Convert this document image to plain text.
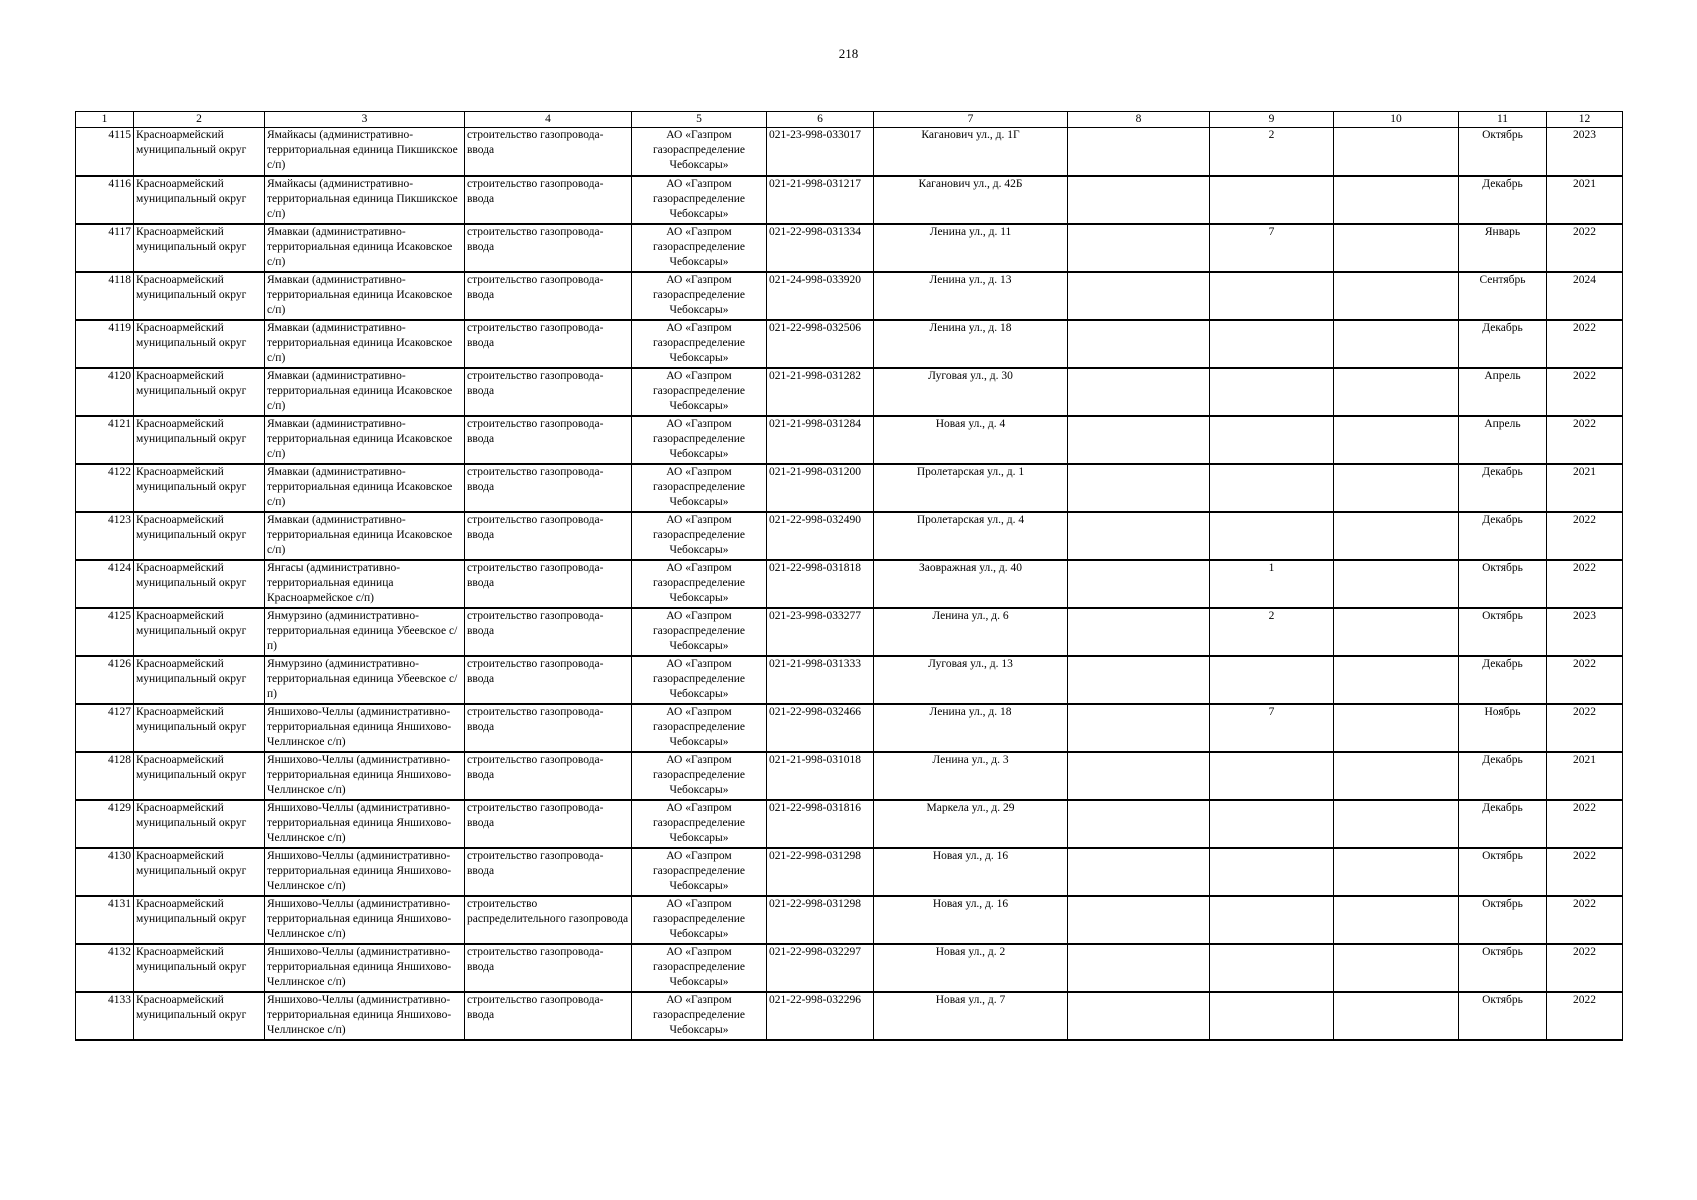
218
1	2	3	4	5	6	7	8	9	10	11	12
4115	Красноармейский муниципальный округ	Ямайкасы (административно-территориальная единица Пикшикское с/п)	строительство газопровода-ввода	АО «Газпром газораспределение Чебоксары»	021-23-998-033017	Каганович ул., д. 1Г		2		Октябрь	2023
4116	Красноармейский муниципальный округ	Ямайкасы (административно-территориальная единица Пикшикское с/п)	строительство газопровода-ввода	АО «Газпром газораспределение Чебоксары»	021-21-998-031217	Каганович ул., д. 42Б				Декабрь	2021
4117	Красноармейский муниципальный округ	Ямавкаи (административно-территориальная единица Исаковское с/п)	строительство газопровода-ввода	АО «Газпром газораспределение Чебоксары»	021-22-998-031334	Ленина ул., д. 11		7		Январь	2022
4118	Красноармейский муниципальный округ	Ямавкаи (административно-территориальная единица Исаковское с/п)	строительство газопровода-ввода	АО «Газпром газораспределение Чебоксары»	021-24-998-033920	Ленина ул., д. 13				Сентябрь	2024
4119	Красноармейский муниципальный округ	Ямавкаи (административно-территориальная единица Исаковское с/п)	строительство газопровода-ввода	АО «Газпром газораспределение Чебоксары»	021-22-998-032506	Ленина ул., д. 18				Декабрь	2022
4120	Красноармейский муниципальный округ	Ямавкаи (административно-территориальная единица Исаковское с/п)	строительство газопровода-ввода	АО «Газпром газораспределение Чебоксары»	021-21-998-031282	Луговая ул., д. 30				Апрель	2022
4121	Красноармейский муниципальный округ	Ямавкаи (административно-территориальная единица Исаковское с/п)	строительство газопровода-ввода	АО «Газпром газораспределение Чебоксары»	021-21-998-031284	Новая ул., д. 4				Апрель	2022
4122	Красноармейский муниципальный округ	Ямавкаи (административно-территориальная единица Исаковское с/п)	строительство газопровода-ввода	АО «Газпром газораспределение Чебоксары»	021-21-998-031200	Пролетарская ул., д. 1				Декабрь	2021
4123	Красноармейский муниципальный округ	Ямавкаи (административно-территориальная единица Исаковское с/п)	строительство газопровода-ввода	АО «Газпром газораспределение Чебоксары»	021-22-998-032490	Пролетарская ул., д. 4				Декабрь	2022
4124	Красноармейский муниципальный округ	Янгасы (административно-территориальная единица Красноармейское с/п)	строительство газопровода-ввода	АО «Газпром газораспределение Чебоксары»	021-22-998-031818	Заовражная ул., д. 40		1		Октябрь	2022
4125	Красноармейский муниципальный округ	Янмурзино (административно-территориальная единица Убеевское с/п)	строительство газопровода-ввода	АО «Газпром газораспределение Чебоксары»	021-23-998-033277	Ленина ул., д. 6		2		Октябрь	2023
4126	Красноармейский муниципальный округ	Янмурзино (административно-территориальная единица Убеевское с/п)	строительство газопровода-ввода	АО «Газпром газораспределение Чебоксары»	021-21-998-031333	Луговая ул., д. 13				Декабрь	2022
4127	Красноармейский муниципальный округ	Яншихово-Челлы (административно-территориальная единица Яншихово-Челлинское с/п)	строительство газопровода-ввода	АО «Газпром газораспределение Чебоксары»	021-22-998-032466	Ленина ул., д. 18		7		Ноябрь	2022
4128	Красноармейский муниципальный округ	Яншихово-Челлы (административно-территориальная единица Яншихово-Челлинское с/п)	строительство газопровода-ввода	АО «Газпром газораспределение Чебоксары»	021-21-998-031018	Ленина ул., д. 3				Декабрь	2021
4129	Красноармейский муниципальный округ	Яншихово-Челлы (административно-территориальная единица Яншихово-Челлинское с/п)	строительство газопровода-ввода	АО «Газпром газораспределение Чебоксары»	021-22-998-031816	Маркела ул., д. 29				Декабрь	2022
4130	Красноармейский муниципальный округ	Яншихово-Челлы (административно-территориальная единица Яншихово-Челлинское с/п)	строительство газопровода-ввода	АО «Газпром газораспределение Чебоксары»	021-22-998-031298	Новая ул., д. 16				Октябрь	2022
4131	Красноармейский муниципальный округ	Яншихово-Челлы (административно-территориальная единица Яншихово-Челлинское с/п)	строительство распределительного газопровода	АО «Газпром газораспределение Чебоксары»	021-22-998-031298	Новая ул., д. 16				Октябрь	2022
4132	Красноармейский муниципальный округ	Яншихово-Челлы (административно-территориальная единица Яншихово-Челлинское с/п)	строительство газопровода-ввода	АО «Газпром газораспределение Чебоксары»	021-22-998-032297	Новая ул., д. 2				Октябрь	2022
4133	Красноармейский муниципальный округ	Яншихово-Челлы (административно-территориальная единица Яншихово-Челлинское с/п)	строительство газопровода-ввода	АО «Газпром газораспределение Чебоксары»	021-22-998-032296	Новая ул., д. 7				Октябрь	2022
